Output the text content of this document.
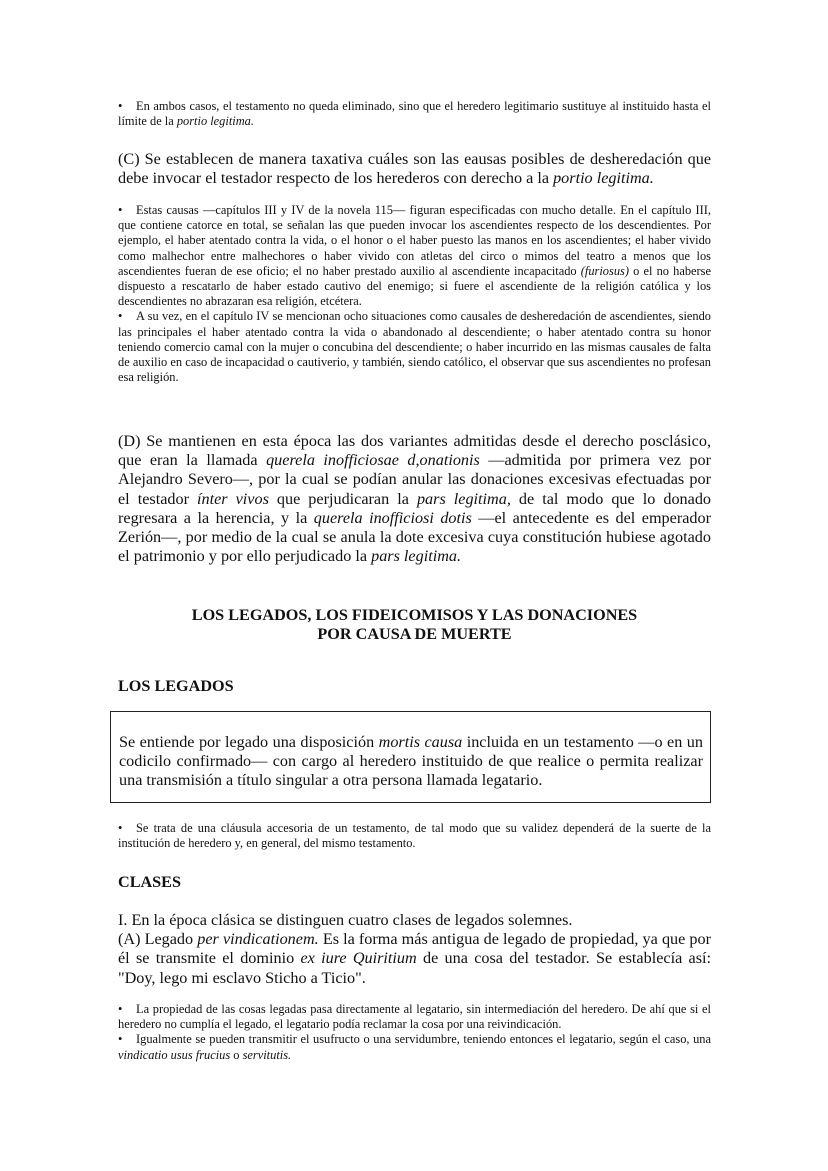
• En ambos casos, el testamento no queda eliminado, sino que el heredero legitimario sustituye al instituido hasta el límite de la portio legitima.

(C) Se establecen de manera taxativa cuáles son las eausas posibles de desheredación que debe invocar el testador respecto de los herederos con derecho a la portio legitima.

• Estas causas —capítulos III y IV de la novela 115— figuran especificadas con mucho detalle. En el capítulo III, que contiene catorce en total, se señalan las que pueden invocar los ascendientes respecto de los descendientes. Por ejemplo, el haber atentado contra la vida, o el honor o el haber puesto las manos en los ascendientes; el haber vivido como malhechor entre malhechores o haber vivido con atletas del circo o mimos del teatro a menos que los ascendientes fueran de ese oficio; el no haber prestado auxilio al ascendiente incapacitado (furiosus) o el no haberse dispuesto a rescatarlo de haber estado cautivo del enemigo; si fuere el ascendiente de la religión católica y los descendientes no abrazaran esa religión, etcétera.

• A su vez, en el capítulo IV se mencionan ocho situaciones como causales de desheredación de ascendientes, siendo las principales el haber atentado contra la vida o abandonado al descendiente; o haber atentado contra su honor teniendo comercio camal con la mujer o concubina del descendiente; o haber incurrido en las mismas causales de falta de auxilio en caso de incapacidad o cautiverio, y también, siendo católico, el observar que sus ascendientes no profesan esa religión.

(D) Se mantienen en esta época las dos variantes admitidas desde el derecho posclásico, que eran la llamada querela inofficiosae d,onationis —admitida por primera vez por Alejandro Severo—, por la cual se podían anular las donaciones excesivas efectuadas por el testador ínter vivos que perjudicaran la pars legitima, de tal modo que lo donado regresara a la herencia, y la querela inofficiosi dotis —el antecedente es del emperador Zerión—, por medio de la cual se anula la dote excesiva cuya constitución hubiese agotado el patrimonio y por ello perjudicado la pars legitima.

LOS LEGADOS, LOS FIDEICOMISOS Y LAS DONACIONES
POR CAUSA DE MUERTE
LOS LEGADOS
Se entiende por legado una disposición mortis causa incluida en un testamento —o en un codicilo confirmado— con cargo al heredero instituido de que realice o permita realizar una transmisión a título singular a otra persona llamada legatario.

• Se trata de una cláusula accesoria de un testamento, de tal modo que su validez dependerá de la suerte de la institución de heredero y, en general, del mismo testamento.

CLASES

I. En la época clásica se distinguen cuatro clases de legados solemnes.

(A) Legado per vindicationem. Es la forma más antigua de legado de propiedad, ya que por él se transmite el dominio ex iure Quiritium de una cosa del testador. Se establecía así: "Doy, lego mi esclavo Sticho a Ticio".

• La propiedad de las cosas legadas pasa directamente al legatario, sin intermediación del heredero. De ahí que si el heredero no cumplía el legado, el legatario podía reclamar la cosa por una reivindicación.

• Igualmente se pueden transmitir el usufructo o una servidumbre, teniendo entonces el legatario, según el caso, una vindicatio usus frucius o servitutis.
